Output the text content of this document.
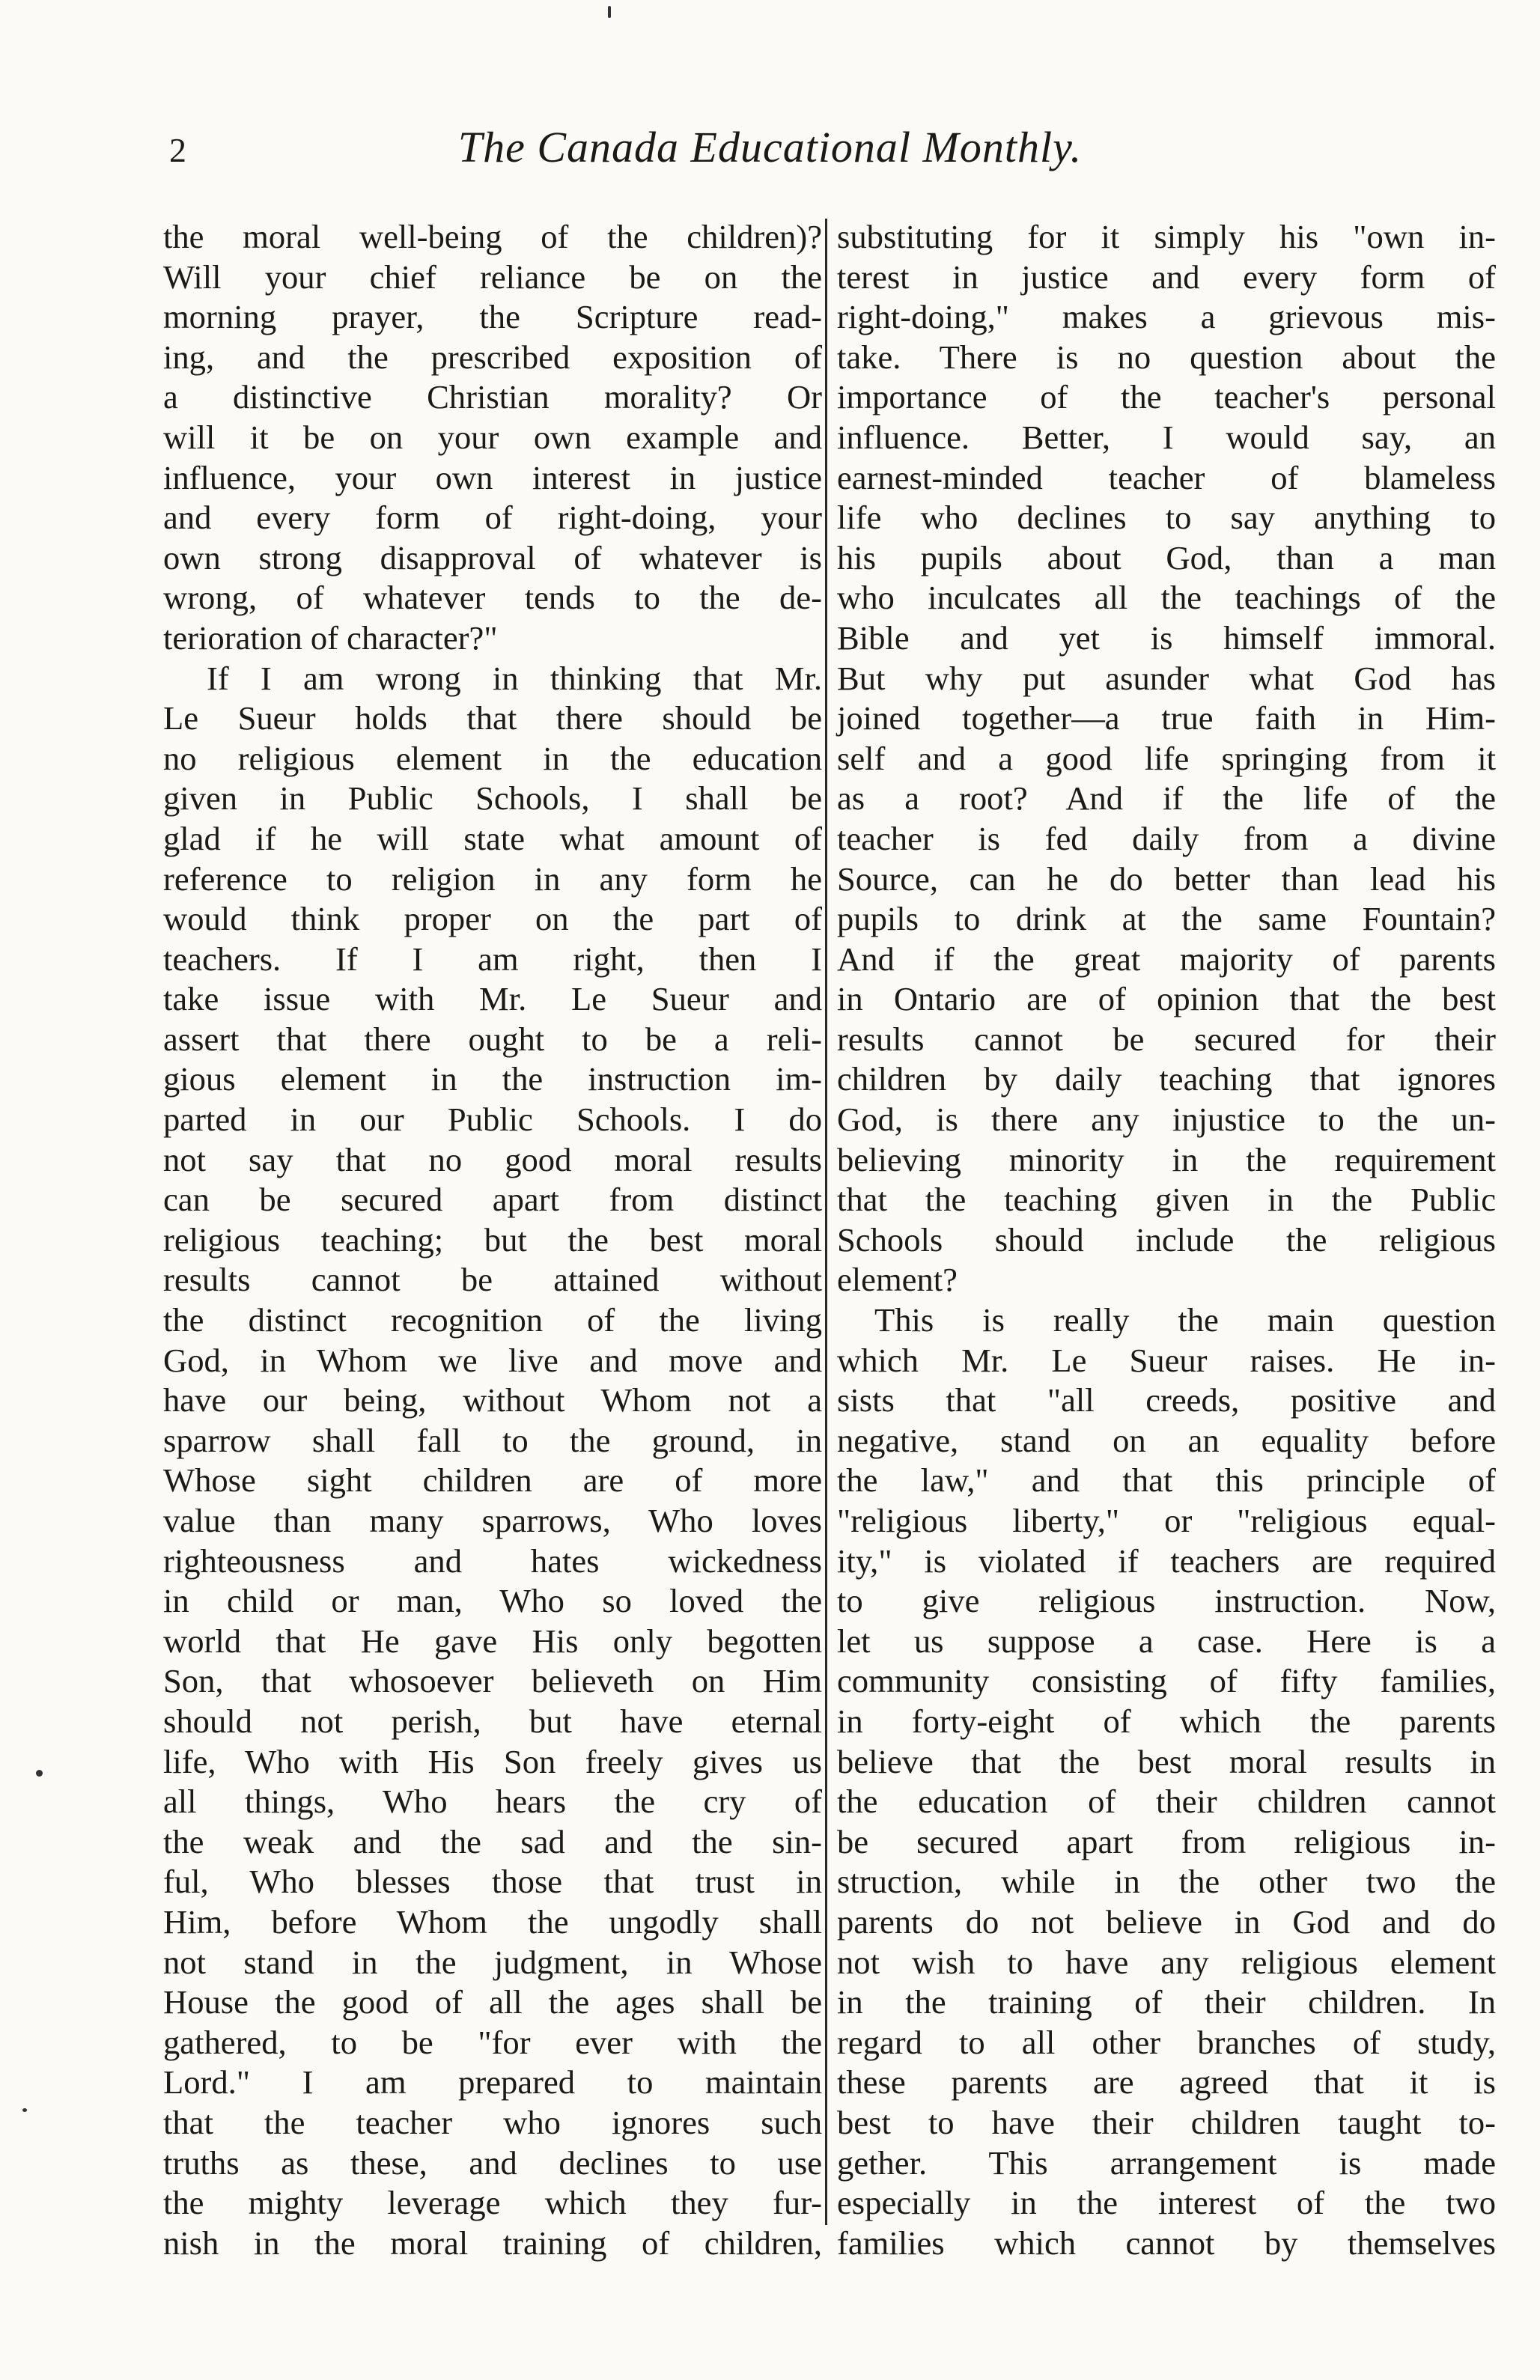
2	The Canada Educational Monthly.
the moral well-being of the children)?
Will your chief reliance be on the
morning prayer, the Scripture read-
ing, and the prescribed exposition of
a distinctive Christian morality? Or
will it be on your own example and
influence, your own interest in justice
and every form of right-doing, your
own strong disapproval of whatever is
wrong, of whatever tends to the de-
terioration of character?"
If I am wrong in thinking that Mr.
Le Sueur holds that there should be
no religious element in the education
given in Public Schools, I shall be
glad if he will state what amount of
reference to religion in any form he
would think proper on the part of
teachers. If I am right, then I
take issue with Mr. Le Sueur and
assert that there ought to be a reli-
gious element in the instruction im-
parted in our Public Schools. I do
not say that no good moral results
can be secured apart from distinct
religious teaching; but the best moral
results cannot be attained without
the distinct recognition of the living
God, in Whom we live and move and
have our being, without Whom not a
sparrow shall fall to the ground, in
Whose sight children are of more
value than many sparrows, Who loves
righteousness and hates wickedness
in child or man, Who so loved the
world that He gave His only begotten
Son, that whosoever believeth on Him
should not perish, but have eternal
life, Who with His Son freely gives us
all things, Who hears the cry of
the weak and the sad and the sin-
ful, Who blesses those that trust in
Him, before Whom the ungodly shall
not stand in the judgment, in Whose
House the good of all the ages shall be
gathered, to be "for ever with the
Lord." I am prepared to maintain
that the teacher who ignores such
truths as these, and declines to use
the mighty leverage which they fur-
nish in the moral training of children,
substituting for it simply his "own in-
terest in justice and every form of
right-doing," makes a grievous mis-
take. There is no question about the
importance of the teacher's personal
influence. Better, I would say, an
earnest-minded teacher of blameless
life who declines to say anything to
his pupils about God, than a man
who inculcates all the teachings of the
Bible and yet is himself immoral.
But why put asunder what God has
joined together—a true faith in Him-
self and a good life springing from it
as a root? And if the life of the
teacher is fed daily from a divine
Source, can he do better than lead his
pupils to drink at the same Fountain?
And if the great majority of parents
in Ontario are of opinion that the best
results cannot be secured for their
children by daily teaching that ignores
God, is there any injustice to the un-
believing minority in the requirement
that the teaching given in the Public
Schools should include the religious
element?
This is really the main question
which Mr. Le Sueur raises. He in-
sists that "all creeds, positive and
negative, stand on an equality before
the law," and that this principle of
"religious liberty," or "religious equal-
ity," is violated if teachers are required
to give religious instruction. Now,
let us suppose a case. Here is a
community consisting of fifty families,
in forty-eight of which the parents
believe that the best moral results in
the education of their children cannot
be secured apart from religious in-
struction, while in the other two the
parents do not believe in God and do
not wish to have any religious element
in the training of their children. In
regard to all other branches of study,
these parents are agreed that it is
best to have their children taught to-
gether. This arrangement is made
especially in the interest of the two
families which cannot by themselves
